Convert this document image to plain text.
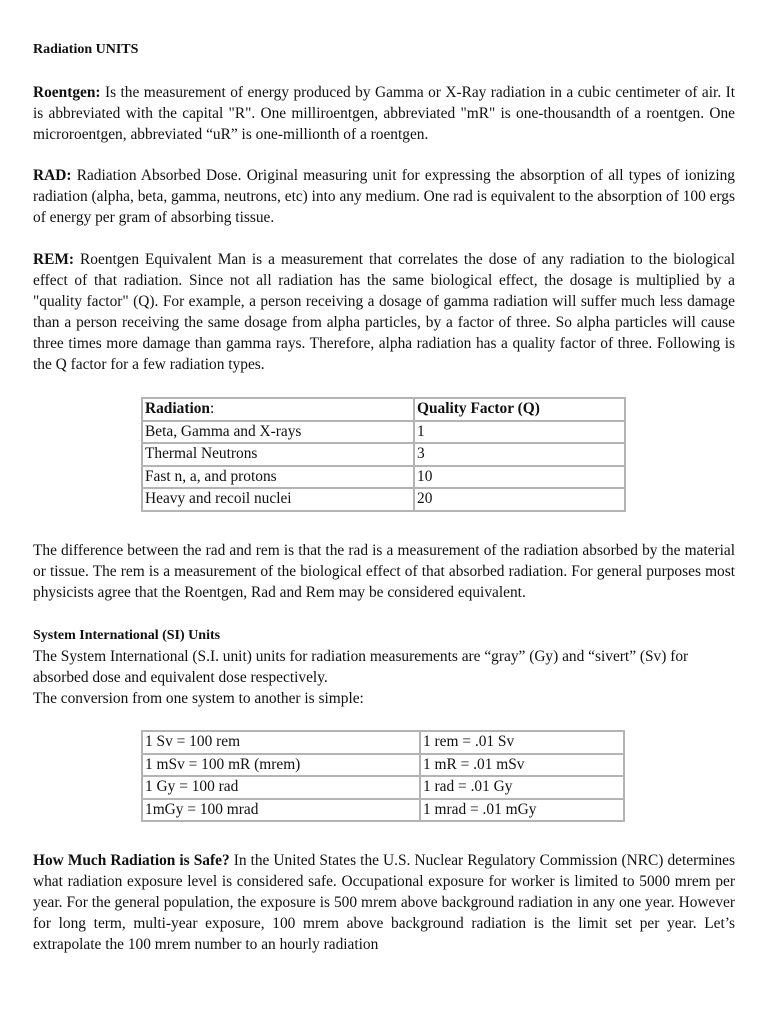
Radiation UNITS

Roentgen: Is the measurement of energy produced by Gamma or X-Ray radiation in a cubic centimeter of air. It is abbreviated with the capital "R". One milliroentgen, abbreviated "mR" is one-thousandth of a roentgen. One microroentgen, abbreviated “uR” is one-millionth of a roentgen.

RAD: Radiation Absorbed Dose. Original measuring unit for expressing the absorption of all types of ionizing radiation (alpha, beta, gamma, neutrons, etc) into any medium. One rad is equivalent to the absorption of 100 ergs of energy per gram of absorbing tissue.

REM: Roentgen Equivalent Man is a measurement that correlates the dose of any radiation to the biological effect of that radiation. Since not all radiation has the same biological effect, the dosage is multiplied by a "quality factor" (Q). For example, a person receiving a dosage of gamma radiation will suffer much less damage than a person receiving the same dosage from alpha particles, by a factor of three. So alpha particles will cause three times more damage than gamma rays. Therefore, alpha radiation has a quality factor of three. Following is the Q factor for a few radiation types.

Radiation:	Quality Factor (Q)
Beta, Gamma and X-rays	1
Thermal Neutrons	3
Fast n, a, and protons	10
Heavy and recoil nuclei	20

The difference between the rad and rem is that the rad is a measurement of the radiation absorbed by the material or tissue. The rem is a measurement of the biological effect of that absorbed radiation. For general purposes most physicists agree that the Roentgen, Rad and Rem may be considered equivalent.

System International (SI) Units

The System International (S.I. unit) units for radiation measurements are “gray” (Gy) and “sivert” (Sv) for absorbed dose and equivalent dose respectively.

The conversion from one system to another is simple:

1 Sv = 100 rem	1 rem = .01 Sv
1 mSv = 100 mR (mrem)	1 mR = .01 mSv
1 Gy = 100 rad	1 rad = .01 Gy
1mGy = 100 mrad	1 mrad = .01 mGy

How Much Radiation is Safe? In the United States the U.S. Nuclear Regulatory Commission (NRC) determines what radiation exposure level is considered safe. Occupational exposure for worker is limited to 5000 mrem per year. For the general population, the exposure is 500 mrem above background radiation in any one year. However for long term, multi-year exposure, 100 mrem above background radiation is the limit set per year. Let’s extrapolate the 100 mrem number to an hourly radiation
